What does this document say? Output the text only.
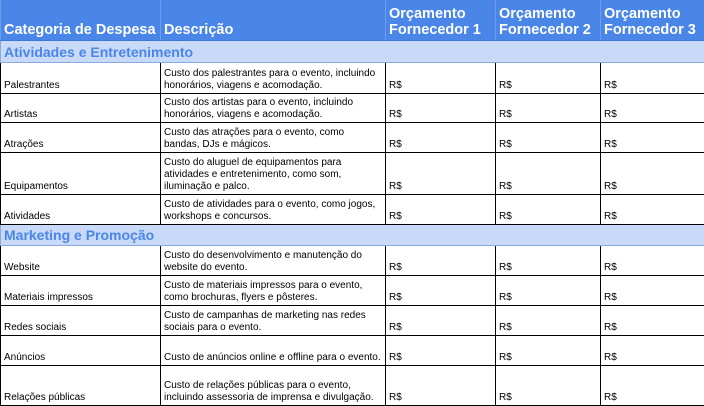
Categoria de Despesa	Descrição	Orçamento Fornecedor 1	Orçamento Fornecedor 2	Orçamento Fornecedor 3
Atividades e Entretenimento				
Palestrantes	Custo dos palestrantes para o evento, incluindo honorários, viagens e acomodação.	R$	R$	R$
Artistas	Custo dos artistas para o evento, incluindo honorários, viagens e acomodação.	R$	R$	R$
Atrações	Custo das atrações para o evento, como bandas, DJs e mágicos.	R$	R$	R$
Equipamentos	Custo do aluguel de equipamentos para atividades e entretenimento, como som, iluminação e palco.	R$	R$	R$
Atividades	Custo de atividades para o evento, como jogos, workshops e concursos.	R$	R$	R$
Marketing e Promoção				
Website	Custo do desenvolvimento e manutenção do website do evento.	R$	R$	R$
Materiais impressos	Custo de materiais impressos para o evento, como brochuras, flyers e pôsteres.	R$	R$	R$
Redes sociais	Custo de campanhas de marketing nas redes sociais para o evento.	R$	R$	R$
Anúncios	Custo de anúncios online e offline para o evento.	R$	R$	R$
Relações públicas	Custo de relações públicas para o evento, incluindo assessoria de imprensa e divulgação.	R$	R$	R$
